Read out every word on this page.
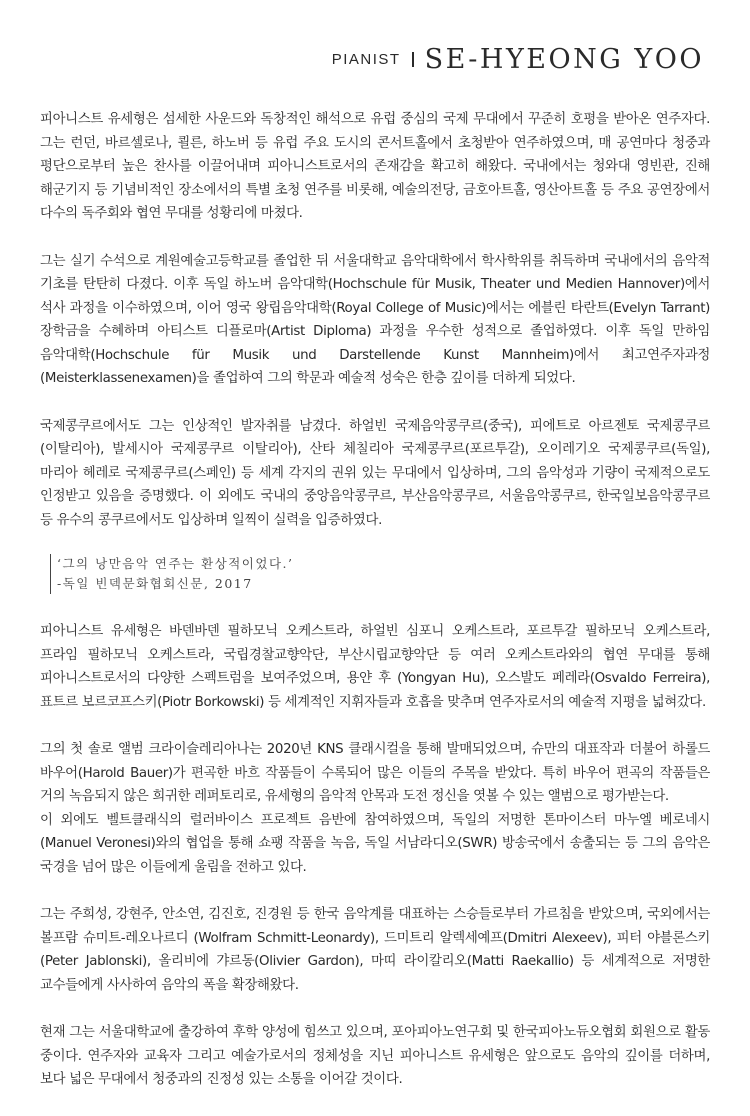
PIANIST SE-HYEONG YOO

피아니스트 유세형은 섬세한 사운드와 독창적인 해석으로 유럽 중심의 국제 무대에서 꾸준히 호평을 받아온 연주자다. 그는 런던, 바르셀로나, 쾰른, 하노버 등 유럽 주요 도시의 콘서트홀에서 초청받아 연주하였으며, 매 공연마다 청중과 평단으로부터 높은 찬사를 이끌어내며 피아니스트로서의 존재감을 확고히 해왔다. 국내에서는 청와대 영빈관, 진해 해군기지 등 기념비적인 장소에서의 특별 초청 연주를 비롯해, 예술의전당, 금호아트홀, 영산아트홀 등 주요 공연장에서 다수의 독주회와 협연 무대를 성황리에 마쳤다.

그는 실기 수석으로 계원예술고등학교를 졸업한 뒤 서울대학교 음악대학에서 학사학위를 취득하며 국내에서의 음악적 기초를 탄탄히 다졌다. 이후 독일 하노버 음악대학(Hochschule für Musik, Theater und Medien Hannover)에서 석사 과정을 이수하였으며, 이어 영국 왕립음악대학(Royal College of Music)에서는 에블린 타란트(Evelyn Tarrant) 장학금을 수혜하며 아티스트 디플로마(Artist Diploma) 과정을 우수한 성적으로 졸업하였다. 이후 독일 만하임 음악대학(Hochschule für Musik und Darstellende Kunst Mannheim)에서 최고연주자과정(Meisterklassenexamen)을 졸업하여 그의 학문과 예술적 성숙은 한층 깊이를 더하게 되었다.

국제콩쿠르에서도 그는 인상적인 발자취를 남겼다. 하얼빈 국제음악콩쿠르(중국), 피에트로 아르젠토 국제콩쿠르(이탈리아), 발세시아 국제콩쿠르 이탈리아), 산타 체칠리아 국제콩쿠르(포르투갈), 오이레기오 국제콩쿠르(독일), 마리아 헤레로 국제콩쿠르(스페인) 등 세계 각지의 권위 있는 무대에서 입상하며, 그의 음악성과 기량이 국제적으로도 인정받고 있음을 증명했다. 이 외에도 국내의 중앙음악콩쿠르, 부산음악콩쿠르, 서울음악콩쿠르, 한국일보음악콩쿠르 등 유수의 콩쿠르에서도 입상하며 일찍이 실력을 입증하였다.

‘그의 낭만음악 연주는 환상적이었다.’
-독일 빈덱문화협회신문, 2017

피아니스트 유세형은 바덴바덴 필하모닉 오케스트라, 하얼빈 심포니 오케스트라, 포르투갈 필하모닉 오케스트라, 프라임 필하모닉 오케스트라, 국립경찰교향악단, 부산시립교향악단 등 여러 오케스트라와의 협연 무대를 통해 피아니스트로서의 다양한 스펙트럼을 보여주었으며, 용얀 후 (Yongyan Hu), 오스발도 페레라(Osvaldo Ferreira), 표트르 보르코프스키(Piotr Borkowski) 등 세계적인 지휘자들과 호흡을 맞추며 연주자로서의 예술적 지평을 넓혀갔다.

그의 첫 솔로 앨범 크라이슬레리아나는 2020년 KNS 클래시컬을 통해 발매되었으며, 슈만의 대표작과 더불어 하롤드 바우어(Harold Bauer)가 편곡한 바흐 작품들이 수록되어 많은 이들의 주목을 받았다. 특히 바우어 편곡의 작품들은 거의 녹음되지 않은 희귀한 레퍼토리로, 유세형의 음악적 안목과 도전 정신을 엿볼 수 있는 앨범으로 평가받는다.

이 외에도 벨트클래식의 럴러바이스 프로젝트 음반에 참여하였으며, 독일의 저명한 톤마이스터 마누엘 베로네시(Manuel Veronesi)와의 협업을 통해 쇼팽 작품을 녹음, 독일 서남라디오(SWR) 방송국에서 송출되는 등 그의 음악은 국경을 넘어 많은 이들에게 울림을 전하고 있다.

그는 주희성, 강현주, 안소연, 김진호, 진경원 등 한국 음악계를 대표하는 스승들로부터 가르침을 받았으며, 국외에서는 볼프람 슈미트-레오나르디 (Wolfram Schmitt-Leonardy), 드미트리 알렉세예프(Dmitri Alexeev), 피터 야블론스키(Peter Jablonski), 올리비에 갸르동(Olivier Gardon), 마띠 라이칼리오(Matti Raekallio) 등 세계적으로 저명한 교수들에게 사사하여 음악의 폭을 확장해왔다.

현재 그는 서울대학교에 출강하여 후학 양성에 힘쓰고 있으며, 포아피아노연구회 및 한국피아노듀오협회 회원으로 활동 중이다. 연주자와 교육자 그리고 예술가로서의 정체성을 지닌 피아니스트 유세형은 앞으로도 음악의 깊이를 더하며, 보다 넓은 무대에서 청중과의 진정성 있는 소통을 이어갈 것이다.
